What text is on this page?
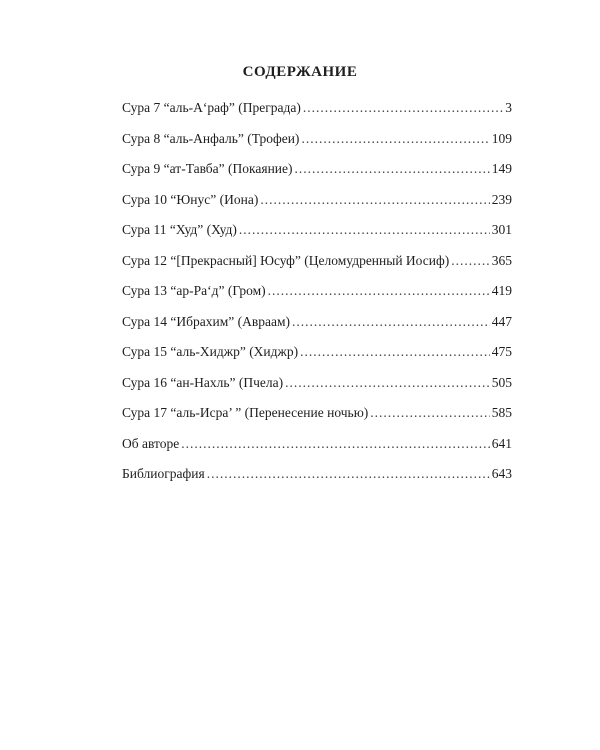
СОДЕРЖАНИЕ
Сура 7 “аль-А‘раф” (Преграда) .....	3
Сура 8 “аль-Анфаль” (Трофеи) .....	109
Сура 9 “ат-Тавба” (Покаяние) .....	149
Сура 10 “Юнус” (Иона) .....	239
Сура 11 “Худ” (Худ) .....	301
Сура 12 “[Прекрасный] Юсуф” (Целомудренный Иосиф) .....	365
Сура 13 “ар-Ра‘д” (Гром) .....	419
Сура 14 “Ибрахим” (Авраам) .....	447
Сура 15 “аль-Хиджр” (Хиджр) .....	475
Сура 16 “ан-Нахль” (Пчела) .....	505
Сура 17 “аль-Исра’ ” (Перенесение ночью) .....	585
Об авторе .....	641
Библиография .....	643
